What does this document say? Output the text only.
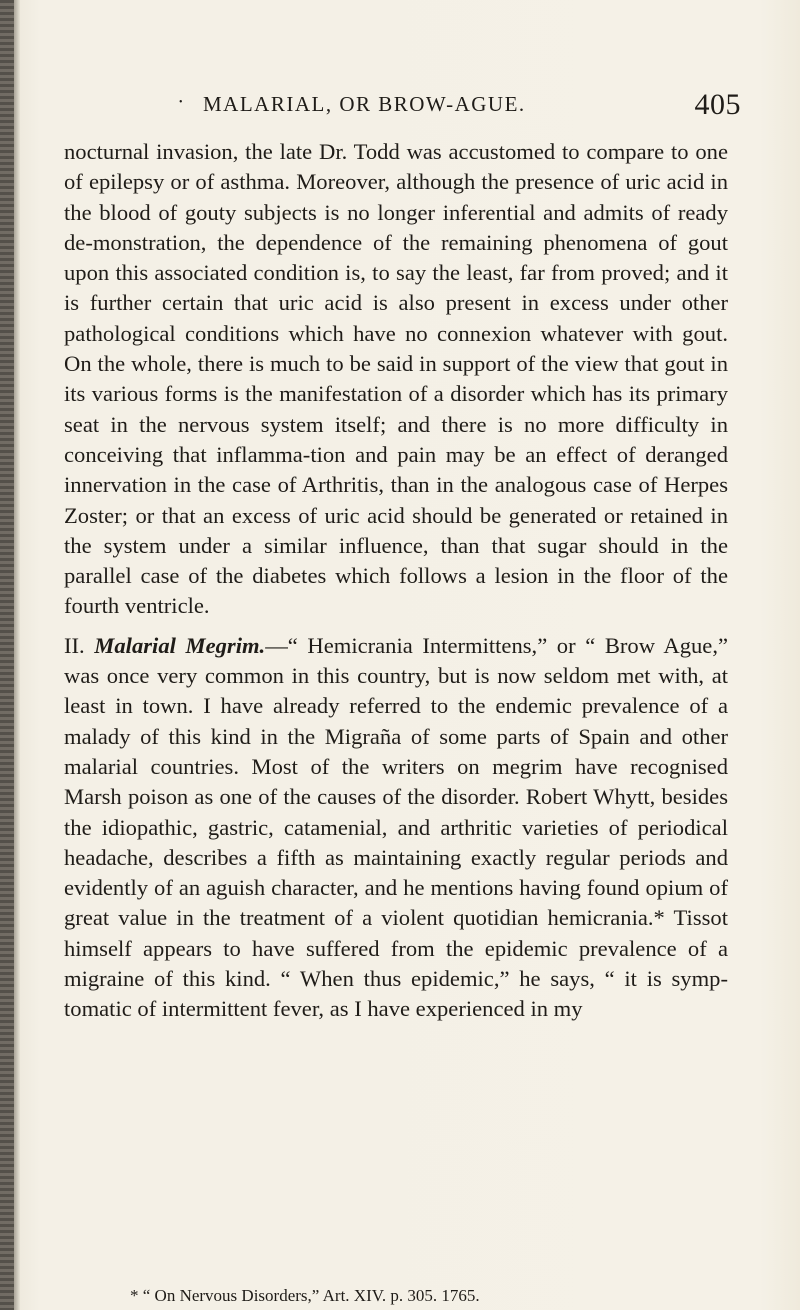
• MALARIAL, OR BROW-AGUE.	405

nocturnal invasion, the late Dr. Todd was accustomed to compare to one of epilepsy or of asthma. Moreover, although the presence of uric acid in the blood of gouty subjects is no longer inferential and admits of ready de-monstration, the dependence of the remaining phenomena of gout upon this associated condition is, to say the least, far from proved; and it is further certain that uric acid is also present in excess under other pathological conditions which have no connexion whatever with gout. On the whole, there is much to be said in support of the view that gout in its various forms is the manifestation of a disorder which has its primary seat in the nervous system itself; and there is no more difficulty in conceiving that inflamma-tion and pain may be an effect of deranged innervation in the case of Arthritis, than in the analogous case of Herpes Zoster; or that an excess of uric acid should be generated or retained in the system under a similar influence, than that sugar should in the parallel case of the diabetes which follows a lesion in the floor of the fourth ventricle.

II. Malarial Megrim.—“ Hemicrania Intermittens,” or “ Brow Ague,” was once very common in this country, but is now seldom met with, at least in town. I have already referred to the endemic prevalence of a malady of this kind in the Migraña of some parts of Spain and other malarial countries. Most of the writers on megrim have recognised Marsh poison as one of the causes of the disorder. Robert Whytt, besides the idiopathic, gastric, catamenial, and arthritic varieties of periodical headache, describes a fifth as maintaining exactly regular periods and evidently of an aguish character, and he mentions having found opium of great value in the treatment of a violent quotidian hemicrania.* Tissot himself appears to have suffered from the epidemic prevalence of a migraine of this kind. “ When thus epidemic,” he says, “ it is symp-tomatic of intermittent fever, as I have experienced in my

* “ On Nervous Disorders,” Art. XIV. p. 305. 1765.
